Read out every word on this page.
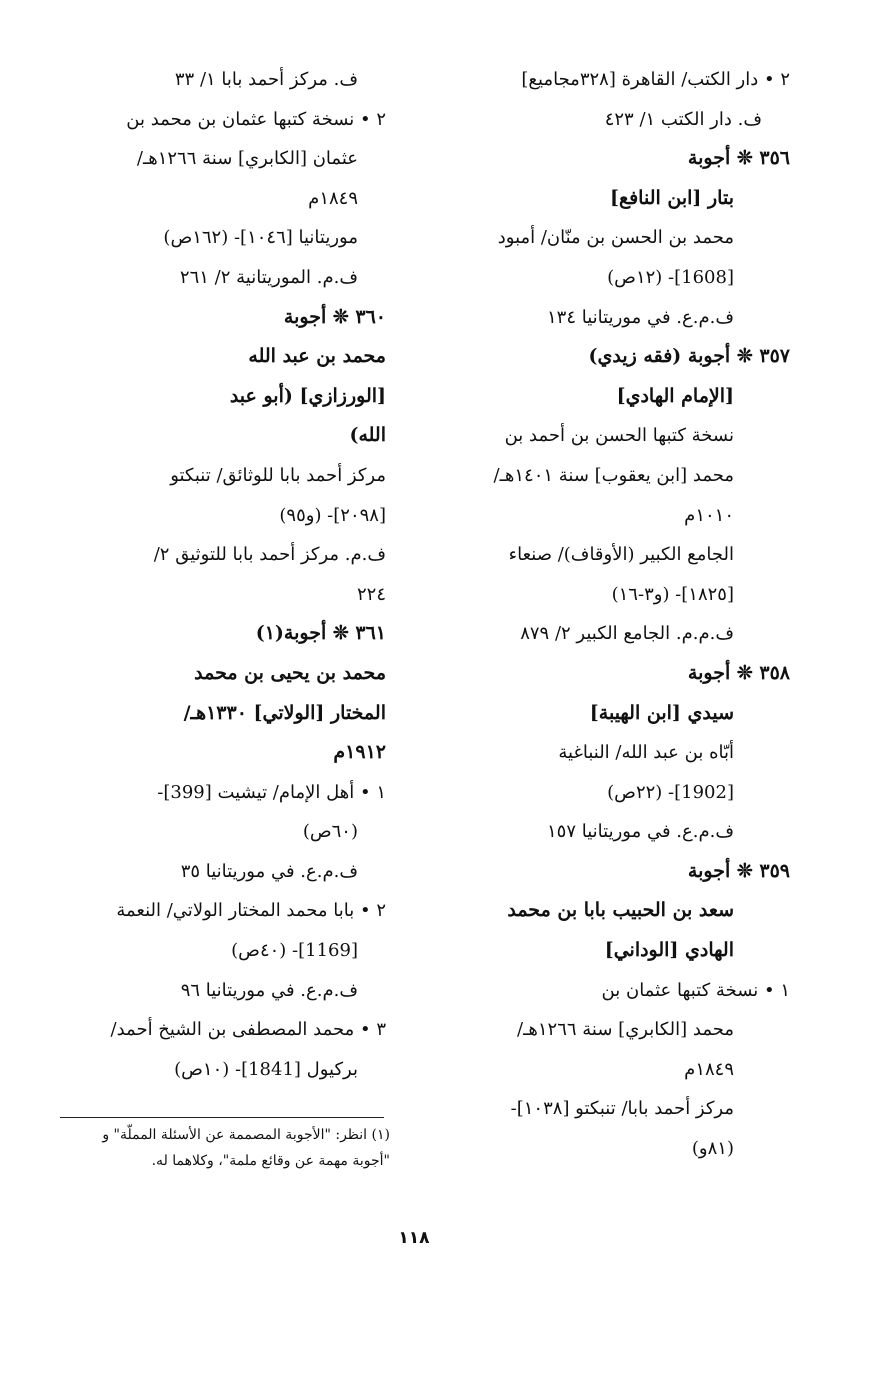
٢ • دار الكتب/ القاهرة [٣٢٨مجاميع]
ف. دار الكتب ١/ ٤٢٣
٣٥٦ ❊ أجوبة
بتار [ابن النافع]
محمد بن الحسن بن منّان/ أمبود
[1608]- (١٢ص)
ف.م.ع. في موريتانيا ١٣٤
٣٥٧ ❊ أجوبة (فقه زيدي)
[الإمام الهادي]
نسخة كتبها الحسن بن أحمد بن
محمد [ابن يعقوب] سنة ١٤٠١هـ/
١٠١٠م
الجامع الكبير (الأوقاف)/ صنعاء
[١٨٢٥]- (و٣-١٦)
ف.م.م. الجامع الكبير ٢/ ٨٧٩
٣٥٨ ❊ أجوبة
سيدي [ابن الهيبة]
أبّاه بن عبد الله/ النباغية
[1902]- (٢٢ص)
ف.م.ع. في موريتانيا ١٥٧
٣٥٩ ❊ أجوبة
سعد بن الحبيب بابا بن محمد
الهادي [الوداني]
١ • نسخة كتبها عثمان بن
محمد [الكابري] سنة ١٢٦٦هـ/
١٨٤٩م
مركز أحمد بابا/ تنبكتو [١٠٣٨]-
(٨١و)
ف. مركز أحمد بابا ١/ ٣٣
٢ • نسخة كتبها عثمان بن محمد بن
عثمان [الكابري] سنة ١٢٦٦هـ/
١٨٤٩م
موريتانيا [١٠٤٦]- (١٦٢ص)
ف.م. الموريتانية ٢/ ٢٦١
٣٦٠ ❊ أجوبة
محمد بن عبد الله
[الورزازي] (أبو عبد
الله)
مركز أحمد بابا للوثائق/ تنبكتو
[٢٠٩٨]- (و٩٥)
ف.م. مركز أحمد بابا للتوثيق ٢/
٢٢٤
٣٦١ ❊ أجوبة(١)
محمد بن يحيى بن محمد
المختار [الولاتي] ١٣٣٠هـ/
١٩١٢م
١ • أهل الإمام/ تيشيت [399]-
(٦٠ص)
ف.م.ع. في موريتانيا ٣٥
٢ • بابا محمد المختار الولاتي/ النعمة
[1169]- (٤٠ص)
ف.م.ع. في موريتانيا ٩٦
٣ • محمد المصطفى بن الشيخ أحمد/
بركيول [1841]- (١٠ص)
(١) انظر: "الأجوبة المصممة عن الأسئلة المملّة" و
"أجوبة مهمة عن وقائع ملمة"، وكلاهما له.
١١٨
